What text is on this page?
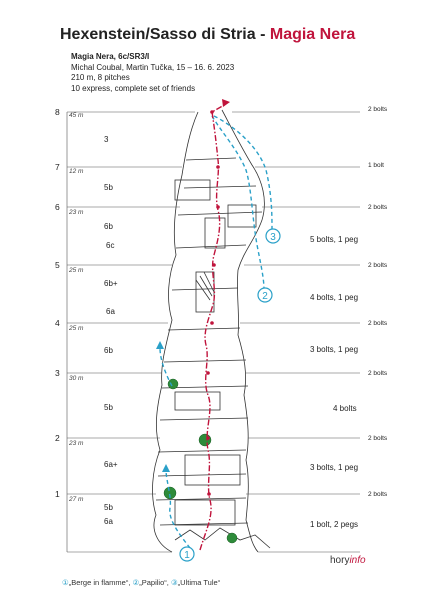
Hexenstein/Sasso di Stria - Magia Nera
Magia Nera, 6c/SR3/I
Michal Coubal, Martin Tučka, 15 – 16. 6. 2023
210 m, 8 pitches
10 express, complete set of friends
1
2
3
8 45 m
3
7 12 m
5b
6
23 m
6b
6c
5 bolts, 1 peg
5
25 m
6b+
6a
4 bolts, 1 peg
4
25 m
6b	3 bolts, 1 peg
3
30 m
5b	4 bolts
2
23 m
6a+	3 bolts, 1 peg
1
27 m
5b
6a	1 bolt, 2 pegs
2 bolts
1 bolt
2 bolts
2 bolts
2 bolts
2 bolts
2 bolts
2 bolts
horyinfo
①„Berge in flamme“, ②„Papilio“, ③„Ultima Tule“
